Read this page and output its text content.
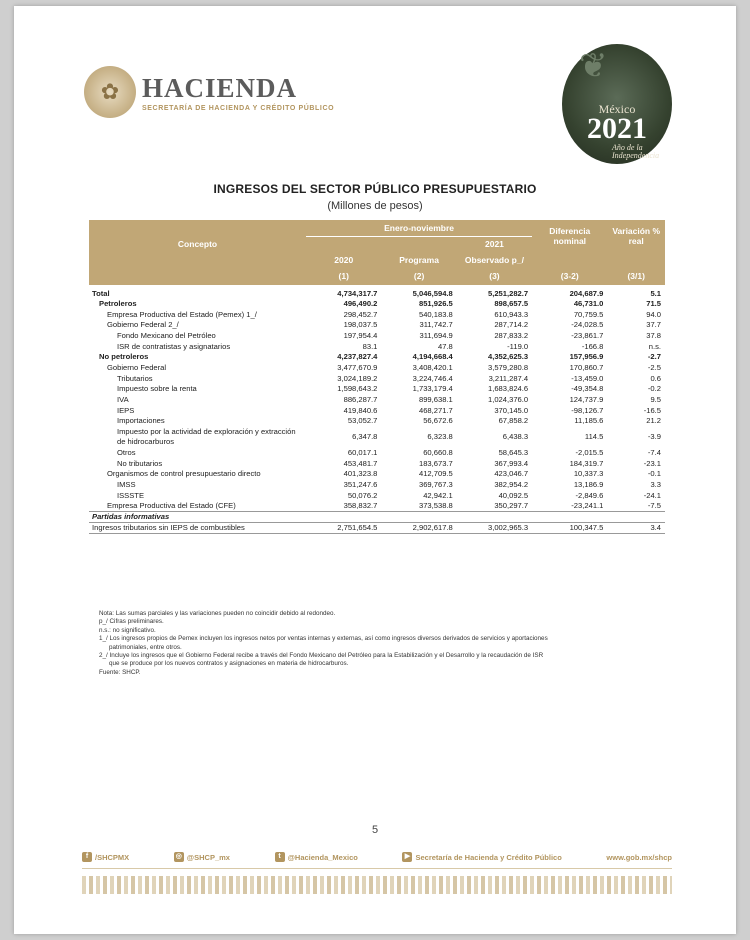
✿ HACIENDA
SECRETARÍA DE HACIENDA Y CRÉDITO PÚBLICO	México
2021
Año de la Independencia
❦
INGRESOS DEL SECTOR PÚBLICO PRESUPUESTARIO
(Millones de pesos)
Concepto	Enero-noviembre			Diferencia nominal	Variación % real
			2021		
	2020	Programa	Observado p_/		
	(1)	(2)	(3)	(3-2)	(3/1)
Total	4,734,317.7	5,046,594.8	5,251,282.7	204,687.9	5.1
Petroleros	496,490.2	851,926.5	898,657.5	46,731.0	71.5
Empresa Productiva del Estado (Pemex) 1_/	298,452.7	540,183.8	610,943.3	70,759.5	94.0
Gobierno Federal 2_/	198,037.5	311,742.7	287,714.2	-24,028.5	37.7
Fondo Mexicano del Petróleo	197,954.4	311,694.9	287,833.2	-23,861.7	37.8
ISR de contratistas y asignatarios	83.1	47.8	-119.0	-166.8	n.s.
No petroleros	4,237,827.4	4,194,668.4	4,352,625.3	157,956.9	-2.7
Gobierno Federal	3,477,670.9	3,408,420.1	3,579,280.8	170,860.7	-2.5
Tributarios	3,024,189.2	3,224,746.4	3,211,287.4	-13,459.0	0.6
Impuesto sobre la renta	1,598,643.2	1,733,179.4	1,683,824.6	-49,354.8	-0.2
IVA	886,287.7	899,638.1	1,024,376.0	124,737.9	9.5
IEPS	419,840.6	468,271.7	370,145.0	-98,126.7	-16.5
Importaciones	53,052.7	56,672.6	67,858.2	11,185.6	21.2
Impuesto por la actividad de exploración y extracción de hidrocarburos	6,347.8	6,323.8	6,438.3	114.5	-3.9
Otros	60,017.1	60,660.8	58,645.3	-2,015.5	-7.4
No tributarios	453,481.7	183,673.7	367,993.4	184,319.7	-23.1
Organismos de control presupuestario directo	401,323.8	412,709.5	423,046.7	10,337.3	-0.1
IMSS	351,247.6	369,767.3	382,954.2	13,186.9	3.3
ISSSTE	50,076.2	42,942.1	40,092.5	-2,849.6	-24.1
Empresa Productiva del Estado (CFE)	358,832.7	373,538.8	350,297.7	-23,241.1	-7.5
Partidas informativas					
Ingresos tributarios sin IEPS de combustibles	2,751,654.5	2,902,617.8	3,002,965.3	100,347.5	3.4
Nota: Las sumas parciales y las variaciones pueden no coincidir debido al redondeo.
p_/ Cifras preliminares.
n.s.: no significativo.
1_/ Los ingresos propios de Pemex incluyen los ingresos netos por ventas internas y externas, así como ingresos diversos derivados de servicios y aportaciones
patrimoniales, entre otros.
2_/ Incluye los ingresos que el Gobierno Federal recibe a través del Fondo Mexicano del Petróleo para la Estabilización y el Desarrollo y la recaudación de ISR
que se produce por los nuevos contratos y asignaciones en materia de hidrocarburos.
Fuente: SHCP.
5
f /SHCPMX	◎ @SHCP_mx	t @Hacienda_Mexico	▶ Secretaría de Hacienda y Crédito Público	www.gob.mx/shcp
